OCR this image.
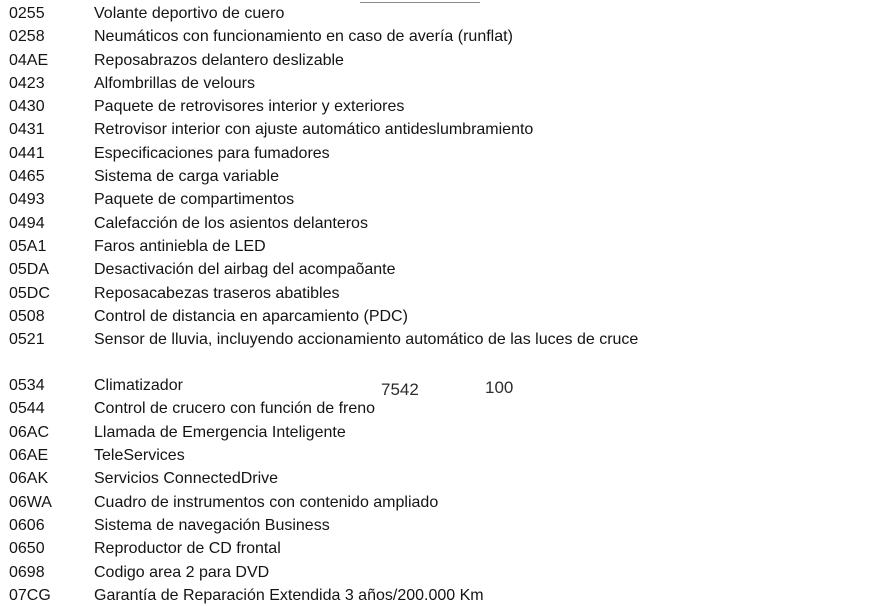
0255	Volante deportivo de cuero
0258	Neumáticos con funcionamiento en caso de avería (runflat)
04AE	Reposabrazos delantero deslizable
0423	Alfombrillas de velours
0430	Paquete de retrovisores interior y exteriores
0431	Retrovisor interior con ajuste automático antideslumbramiento
0441	Especificaciones para fumadores
0465	Sistema de carga variable
0493	Paquete de compartimentos
0494	Calefacción de los asientos delanteros
05A1	Faros antiniebla de LED
05DA	Desactivación del airbag del acompaõante
05DC	Reposacabezas traseros abatibles
0508	Control de distancia en aparcamiento (PDC)
0521	Sensor de lluvia, incluyendo accionamiento automático de las luces de cruce
0534	Climatizador
0544	Control de crucero con función de freno
06AC	Llamada de Emergencia Inteligente
06AE	TeleServices
06AK	Servicios ConnectedDrive
06WA	Cuadro de instrumentos con contenido ampliado
0606	Sistema de navegación Business
0650	Reproductor de CD frontal
0698	Codigo area 2 para DVD
07CG	Garantía de Reparación Extendida 3 años/200.000 Km
7542	100
